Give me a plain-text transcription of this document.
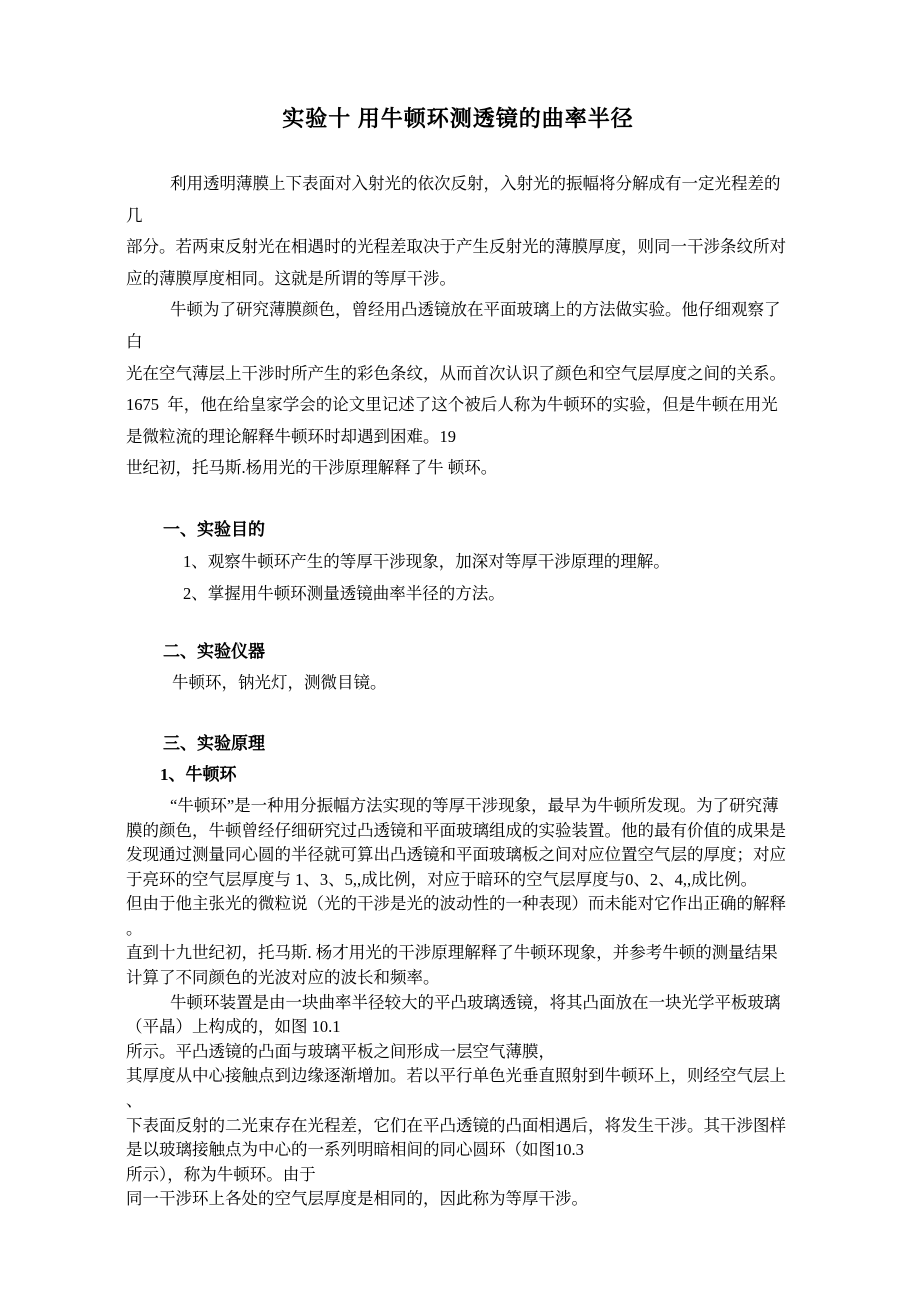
实验十 用牛顿环测透镜的曲率半径
利用透明薄膜上下表面对入射光的依次反射，入射光的振幅将分解成有一定光程差的几
部分。若两束反射光在相遇时的光程差取决于产生反射光的薄膜厚度，则同一干涉条纹所对
应的薄膜厚度相同。这就是所谓的等厚干涉。
牛顿为了研究薄膜颜色，曾经用凸透镜放在平面玻璃上的方法做实验。他仔细观察了白
光在空气薄层上干涉时所产生的彩色条纹，从而首次认识了颜色和空气层厚度之间的关系。
1675  年，他在给皇家学会的论文里记述了这个被后人称为牛顿环的实验，但是牛顿在用光
是微粒流的理论解释牛顿环时却遇到困难。19
世纪初，托马斯.杨用光的干涉原理解释了牛 顿环。
一、实验目的
1、观察牛顿环产生的等厚干涉现象，加深对等厚干涉原理的理解。
2、掌握用牛顿环测量透镜曲率半径的方法。
二、实验仪器
牛顿环，钠光灯，测微目镜。
三、实验原理
1、牛顿环
“牛顿环”是一种用分振幅方法实现的等厚干涉现象，最早为牛顿所发现。为了研究薄
膜的颜色，牛顿曾经仔细研究过凸透镜和平面玻璃组成的实验装置。他的最有价值的成果是
发现通过测量同心圆的半径就可算出凸透镜和平面玻璃板之间对应位置空气层的厚度；对应
于亮环的空气层厚度与 1、3、5,,成比例，对应于暗环的空气层厚度与0、2、4,,成比例。
但由于他主张光的微粒说（光的干涉是光的波动性的一种表现）而未能对它作出正确的解释
。
直到十九世纪初，托马斯. 杨才用光的干涉原理解释了牛顿环现象，并参考牛顿的测量结果
计算了不同颜色的光波对应的波长和频率。
牛顿环装置是由一块曲率半径较大的平凸玻璃透镜，将其凸面放在一块光学平板玻璃
（平晶）上构成的，如图 10.1
所示。平凸透镜的凸面与玻璃平板之间形成一层空气薄膜，
其厚度从中心接触点到边缘逐渐增加。若以平行单色光垂直照射到牛顿环上，则经空气层上
、
下表面反射的二光束存在光程差，它们在平凸透镜的凸面相遇后，将发生干涉。其干涉图样
是以玻璃接触点为中心的一系列明暗相间的同心圆环（如图10.3
所示），称为牛顿环。由于
同一干涉环上各处的空气层厚度是相同的，因此称为等厚干涉。
